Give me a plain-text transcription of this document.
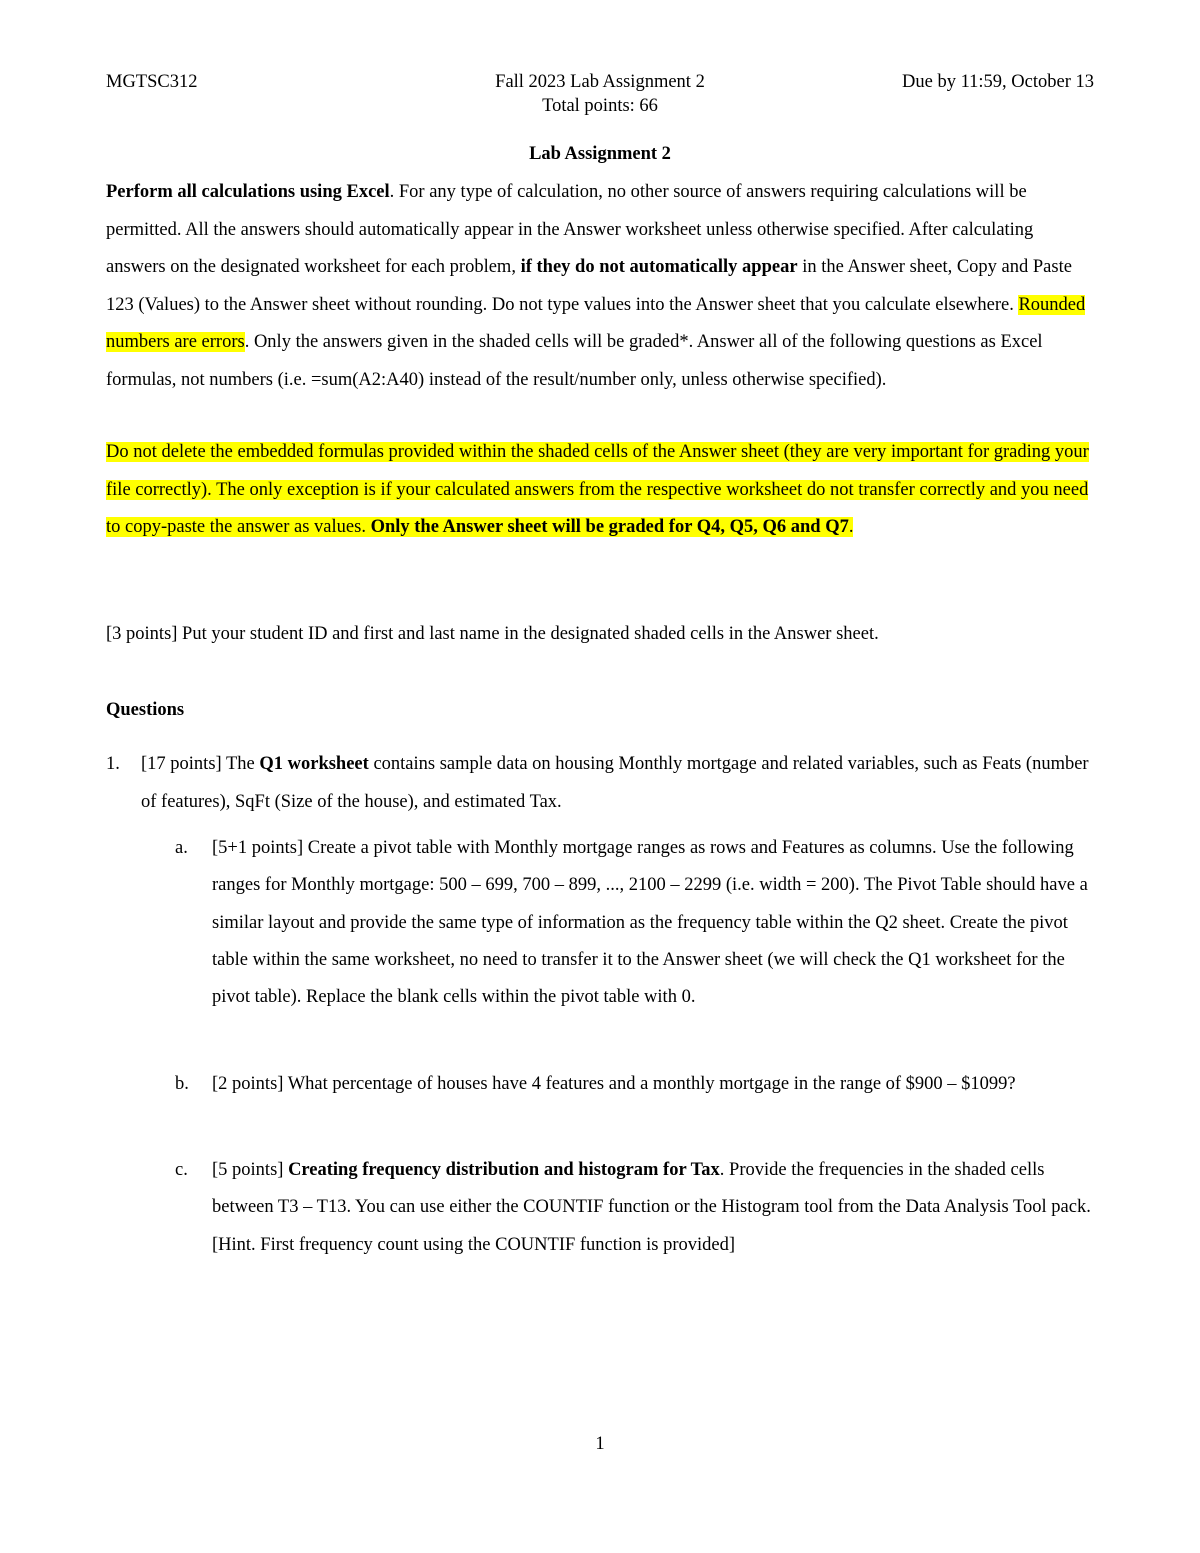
MGTSC312	Fall 2023 Lab Assignment 2	Due by 11:59, October 13
Total points: 66
Lab Assignment 2
Perform all calculations using Excel. For any type of calculation, no other source of answers requiring calculations will be permitted. All the answers should automatically appear in the Answer worksheet unless otherwise specified. After calculating answers on the designated worksheet for each problem, if they do not automatically appear in the Answer sheet, Copy and Paste 123 (Values) to the Answer sheet without rounding. Do not type values into the Answer sheet that you calculate elsewhere. Rounded numbers are errors. Only the answers given in the shaded cells will be graded*. Answer all of the following questions as Excel formulas, not numbers (i.e. =sum(A2:A40) instead of the result/number only, unless otherwise specified).
Do not delete the embedded formulas provided within the shaded cells of the Answer sheet (they are very important for grading your file correctly). The only exception is if your calculated answers from the respective worksheet do not transfer correctly and you need to copy-paste the answer as values. Only the Answer sheet will be graded for Q4, Q5, Q6 and Q7.
[3 points] Put your student ID and first and last name in the designated shaded cells in the Answer sheet.
Questions
1. [17 points] The Q1 worksheet contains sample data on housing Monthly mortgage and related variables, such as Feats (number of features), SqFt (Size of the house), and estimated Tax.
a. [5+1 points] Create a pivot table with Monthly mortgage ranges as rows and Features as columns. Use the following ranges for Monthly mortgage: 500 – 699, 700 – 899, ..., 2100 – 2299 (i.e. width = 200). The Pivot Table should have a similar layout and provide the same type of information as the frequency table within the Q2 sheet. Create the pivot table within the same worksheet, no need to transfer it to the Answer sheet (we will check the Q1 worksheet for the pivot table). Replace the blank cells within the pivot table with 0.
b. [2 points] What percentage of houses have 4 features and a monthly mortgage in the range of $900 – $1099?
c. [5 points] Creating frequency distribution and histogram for Tax. Provide the frequencies in the shaded cells between T3 – T13. You can use either the COUNTIF function or the Histogram tool from the Data Analysis Tool pack. [Hint. First frequency count using the COUNTIF function is provided]
1
